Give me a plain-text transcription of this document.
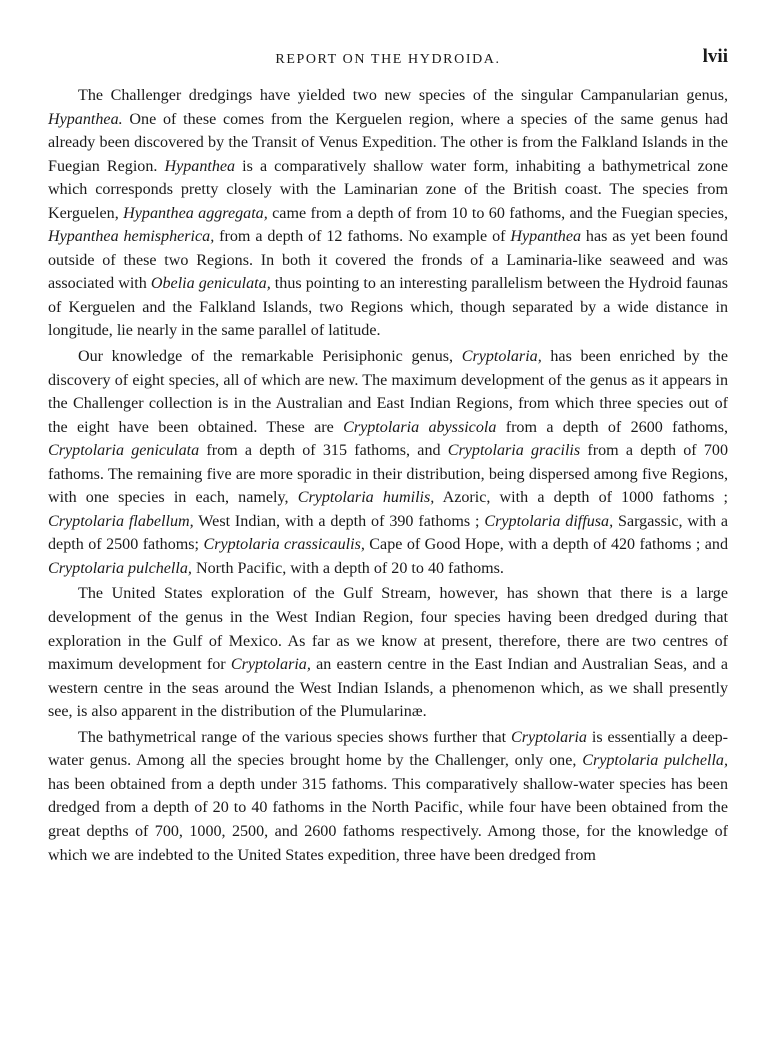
REPORT ON THE HYDROIDA.	lvii

The Challenger dredgings have yielded two new species of the singular Campanularian genus, Hypanthea. One of these comes from the Kerguelen region, where a species of the same genus had already been discovered by the Transit of Venus Expedition. The other is from the Falkland Islands in the Fuegian Region. Hypanthea is a comparatively shallow water form, inhabiting a bathymetrical zone which corresponds pretty closely with the Laminarian zone of the British coast. The species from Kerguelen, Hypanthea aggregata, came from a depth of from 10 to 60 fathoms, and the Fuegian species, Hypanthea hemispherica, from a depth of 12 fathoms. No example of Hypanthea has as yet been found outside of these two Regions. In both it covered the fronds of a Laminaria-like seaweed and was associated with Obelia geniculata, thus pointing to an interesting parallelism between the Hydroid faunas of Kerguelen and the Falkland Islands, two Regions which, though separated by a wide distance in longitude, lie nearly in the same parallel of latitude.

Our knowledge of the remarkable Perisiphonic genus, Cryptolaria, has been enriched by the discovery of eight species, all of which are new. The maximum development of the genus as it appears in the Challenger collection is in the Australian and East Indian Regions, from which three species out of the eight have been obtained. These are Cryptolaria abyssicola from a depth of 2600 fathoms, Cryptolaria geniculata from a depth of 315 fathoms, and Cryptolaria gracilis from a depth of 700 fathoms. The remaining five are more sporadic in their distribution, being dispersed among five Regions, with one species in each, namely, Cryptolaria humilis, Azoric, with a depth of 1000 fathoms ; Cryptolaria flabellum, West Indian, with a depth of 390 fathoms ; Cryptolaria diffusa, Sargassic, with a depth of 2500 fathoms; Cryptolaria crassicaulis, Cape of Good Hope, with a depth of 420 fathoms ; and Cryptolaria pulchella, North Pacific, with a depth of 20 to 40 fathoms.

The United States exploration of the Gulf Stream, however, has shown that there is a large development of the genus in the West Indian Region, four species having been dredged during that exploration in the Gulf of Mexico. As far as we know at present, therefore, there are two centres of maximum development for Cryptolaria, an eastern centre in the East Indian and Australian Seas, and a western centre in the seas around the West Indian Islands, a phenomenon which, as we shall presently see, is also apparent in the distribution of the Plumularinæ.

The bathymetrical range of the various species shows further that Cryptolaria is essentially a deep-water genus. Among all the species brought home by the Challenger, only one, Cryptolaria pulchella, has been obtained from a depth under 315 fathoms. This comparatively shallow-water species has been dredged from a depth of 20 to 40 fathoms in the North Pacific, while four have been obtained from the great depths of 700, 1000, 2500, and 2600 fathoms respectively. Among those, for the knowledge of which we are indebted to the United States expedition, three have been dredged from
